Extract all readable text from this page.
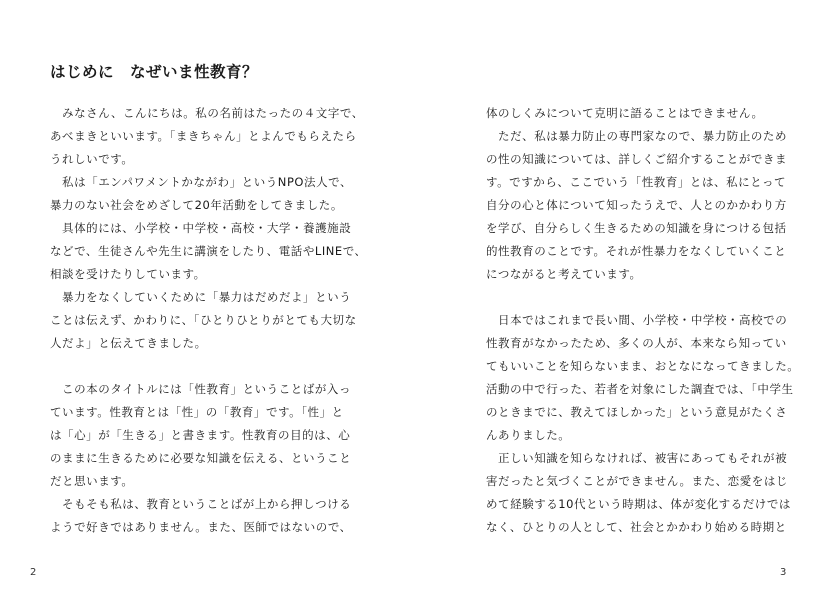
はじめに　なぜいま性教育？
　みなさん、こんにちは。私の名前はたったの４文字で、
あべまきといいます。「まきちゃん」とよんでもらえたら
うれしいです。
　私は「エンパワメントかながわ」というNPO法人で、
暴力のない社会をめざして20年活動をしてきました。
　具体的には、小学校・中学校・高校・大学・養護施設
などで、生徒さんや先生に講演をしたり、電話やLINEで、
相談を受けたりしています。
　暴力をなくしていくために「暴力はだめだよ」という
ことは伝えず、かわりに、「ひとりひとりがとても大切な
人だよ」と伝えてきました。
　この本のタイトルには「性教育」ということばが入っ
ています。性教育とは「性」の「教育」です。「性」と
は「心」が「生きる」と書きます。性教育の目的は、心
のままに生きるために必要な知識を伝える、ということ
だと思います。
　そもそも私は、教育ということばが上から押しつける
ようで好きではありません。また、医師ではないので、
2
体のしくみについて克明に語ることはできません。
　ただ、私は暴力防止の専門家なので、暴力防止のため
の性の知識については、詳しくご紹介することができま
す。ですから、ここでいう「性教育」とは、私にとって
自分の心と体について知ったうえで、人とのかかわり方
を学び、自分らしく生きるための知識を身につける包括
的性教育のことです。それが性暴力をなくしていくこと
につながると考えています。
　日本ではこれまで長い間、小学校・中学校・高校での
性教育がなかったため、多くの人が、本来なら知ってい
てもいいことを知らないまま、おとなになってきました。
活動の中で行った、若者を対象にした調査では、「中学生
のときまでに、教えてほしかった」という意見がたくさ
んありました。
　正しい知識を知らなければ、被害にあってもそれが被
害だったと気づくことができません。また、恋愛をはじ
めて経験する10代という時期は、体が変化するだけでは
なく、ひとりの人として、社会とかかわり始める時期と
3
